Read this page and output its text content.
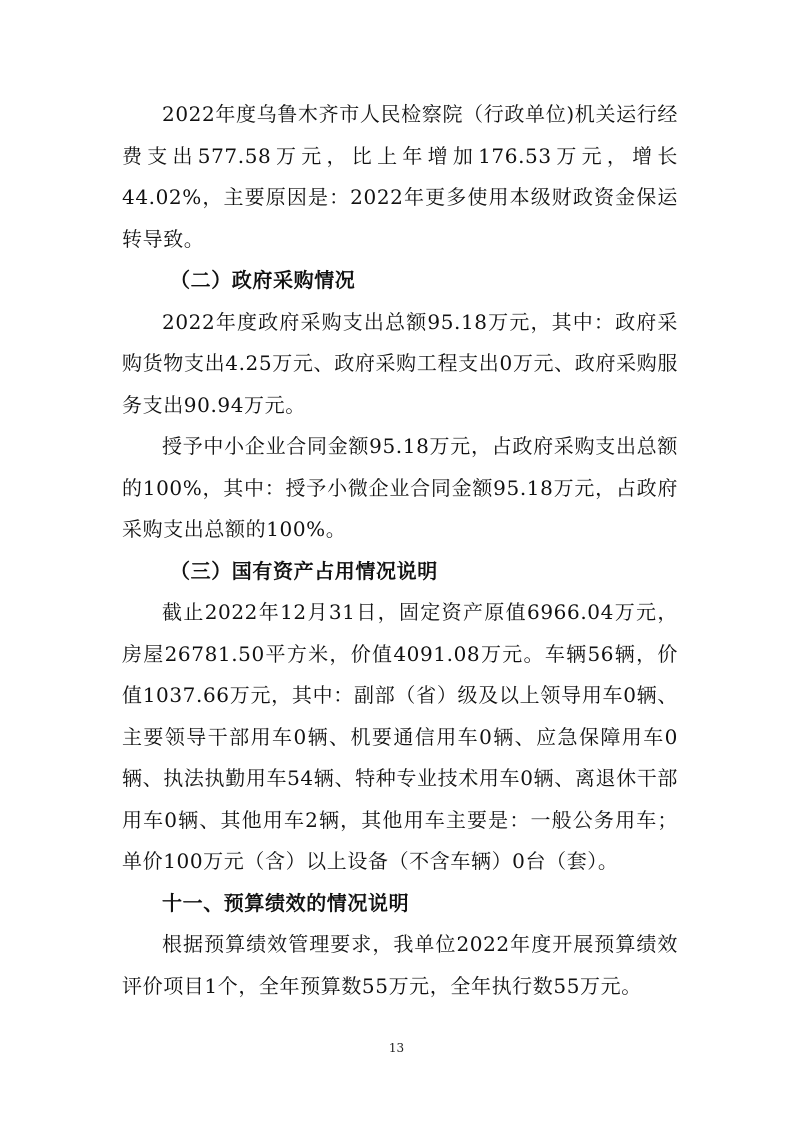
2022年度乌鲁木齐市人民检察院（行政单位)机关运行经费支出577.58万元，比上年增加176.53万元，增长44.02%，主要原因是：2022年更多使用本级财政资金保运转导致。

（二）政府采购情况

2022年度政府采购支出总额95.18万元，其中：政府采购货物支出4.25万元、政府采购工程支出0万元、政府采购服务支出90.94万元。

授予中小企业合同金额95.18万元，占政府采购支出总额的100%，其中：授予小微企业合同金额95.18万元，占政府采购支出总额的100%。

（三）国有资产占用情况说明

截止2022年12月31日，固定资产原值6966.04万元，房屋26781.50平方米，价值4091.08万元。车辆56辆，价值1037.66万元，其中：副部（省）级及以上领导用车0辆、主要领导干部用车0辆、机要通信用车0辆、应急保障用车0辆、执法执勤用车54辆、特种专业技术用车0辆、离退休干部用车0辆、其他用车2辆，其他用车主要是：一般公务用车；单价100万元（含）以上设备（不含车辆）0台（套）。

十一、预算绩效的情况说明

根据预算绩效管理要求，我单位2022年度开展预算绩效评价项目1个，全年预算数55万元，全年执行数55万元。

13
